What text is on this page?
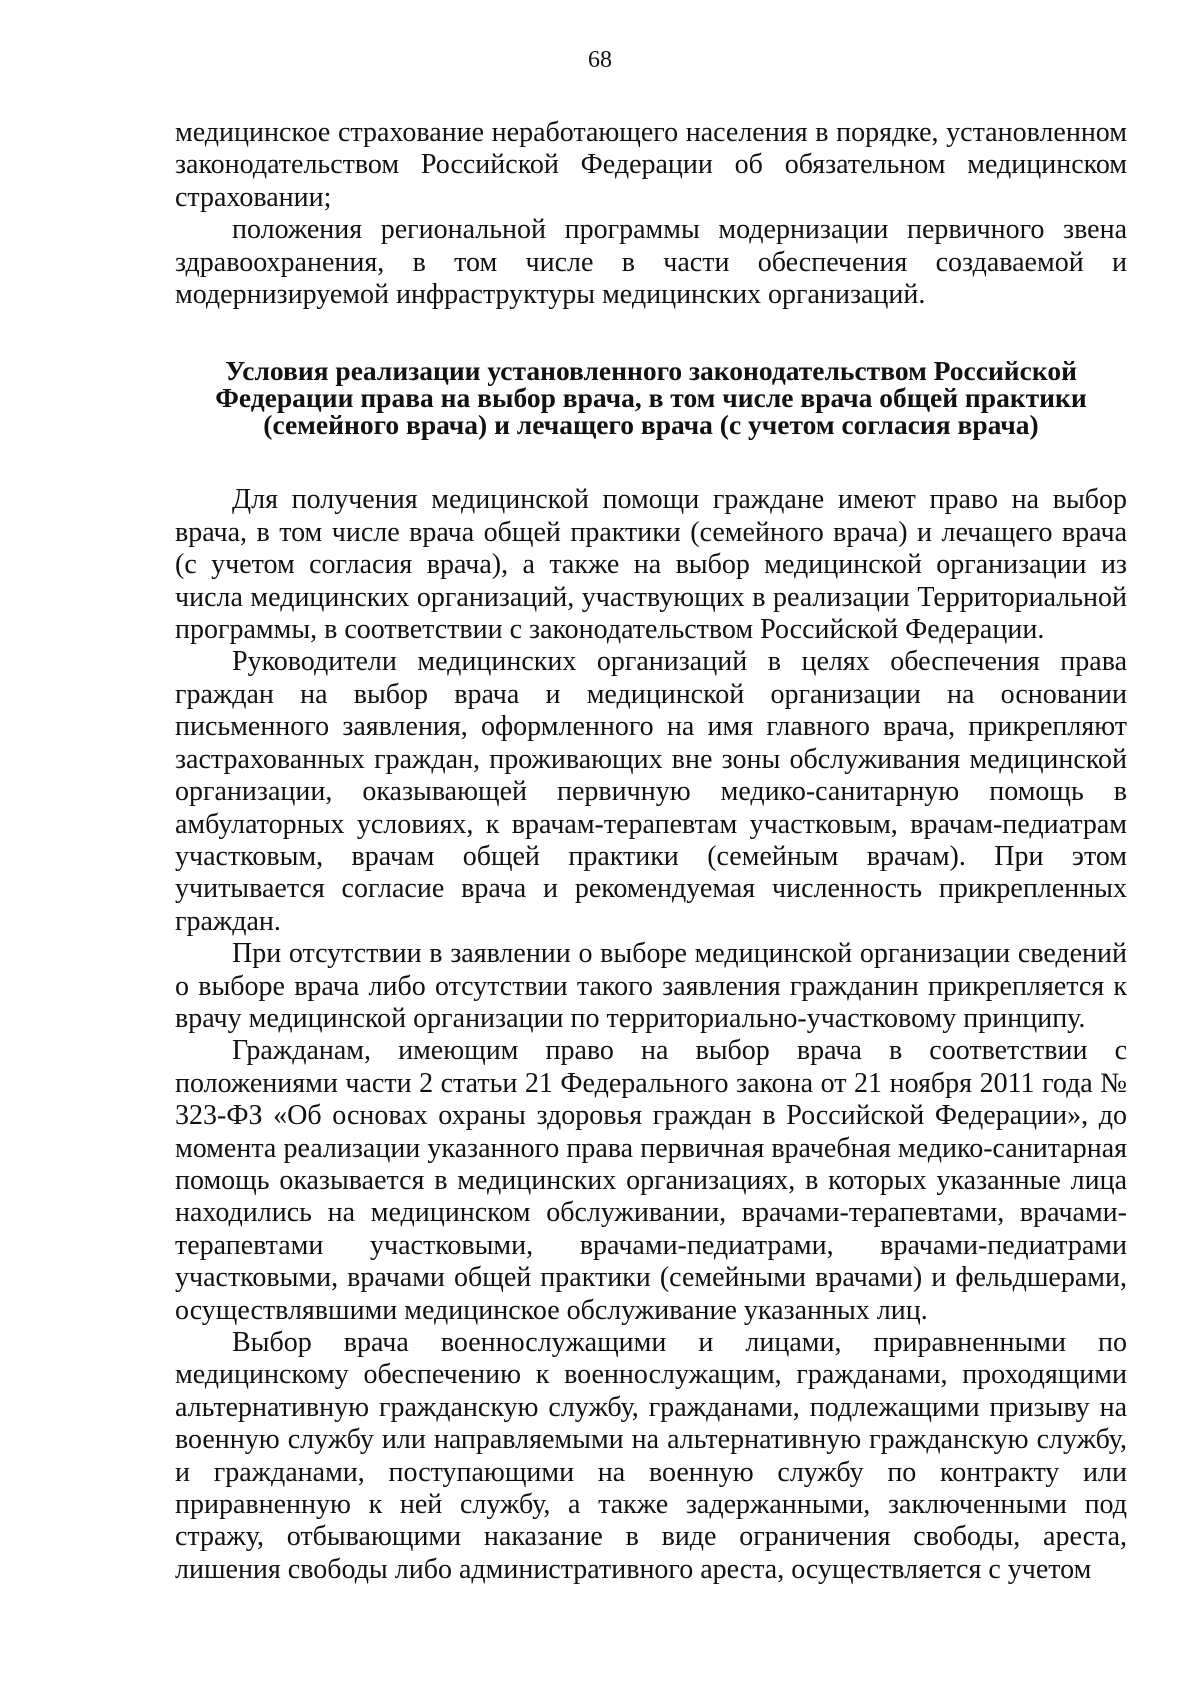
68

медицинское страхование неработающего населения в порядке, установленном законодательством Российской Федерации об обязательном медицинском страховании;

положения региональной программы модернизации первичного звена здравоохранения, в том числе в части обеспечения создаваемой и модернизируемой инфраструктуры медицинских организаций.

Условия реализации установленного законодательством Российской Федерации права на выбор врача, в том числе врача общей практики (семейного врача) и лечащего врача (с учетом согласия врача)

Для получения медицинской помощи граждане имеют право на выбор врача, в том числе врача общей практики (семейного врача) и лечащего врача (с учетом согласия врача), а также на выбор медицинской организации из числа медицинских организаций, участвующих в реализации Территориальной программы, в соответствии с законодательством Российской Федерации.

Руководители медицинских организаций в целях обеспечения права граждан на выбор врача и медицинской организации на основании письменного заявления, оформленного на имя главного врача, прикрепляют застрахованных граждан, проживающих вне зоны обслуживания медицинской организации, оказывающей первичную медико-санитарную помощь в амбулаторных условиях, к врачам-терапевтам участковым, врачам-педиатрам участковым, врачам общей практики (семейным врачам). При этом учитывается согласие врача и рекомендуемая численность прикрепленных граждан.

При отсутствии в заявлении о выборе медицинской организации сведений о выборе врача либо отсутствии такого заявления гражданин прикрепляется к врачу медицинской организации по территориально-участковому принципу.

Гражданам, имеющим право на выбор врача в соответствии с положениями части 2 статьи 21 Федерального закона от 21 ноября 2011 года № 323-ФЗ «Об основах охраны здоровья граждан в Российской Федерации», до момента реализации указанного права первичная врачебная медико-санитарная помощь оказывается в медицинских организациях, в которых указанные лица находились на медицинском обслуживании, врачами-терапевтами, врачами-терапевтами участковыми, врачами-педиатрами, врачами-педиатрами участковыми, врачами общей практики (семейными врачами) и фельдшерами, осуществлявшими медицинское обслуживание указанных лиц.

Выбор врача военнослужащими и лицами, приравненными по медицинскому обеспечению к военнослужащим, гражданами, проходящими альтернативную гражданскую службу, гражданами, подлежащими призыву на военную службу или направляемыми на альтернативную гражданскую службу, и гражданами, поступающими на военную службу по контракту или приравненную к ней службу, а также задержанными, заключенными под стражу, отбывающими наказание в виде ограничения свободы, ареста, лишения свободы либо административного ареста, осуществляется с учетом
